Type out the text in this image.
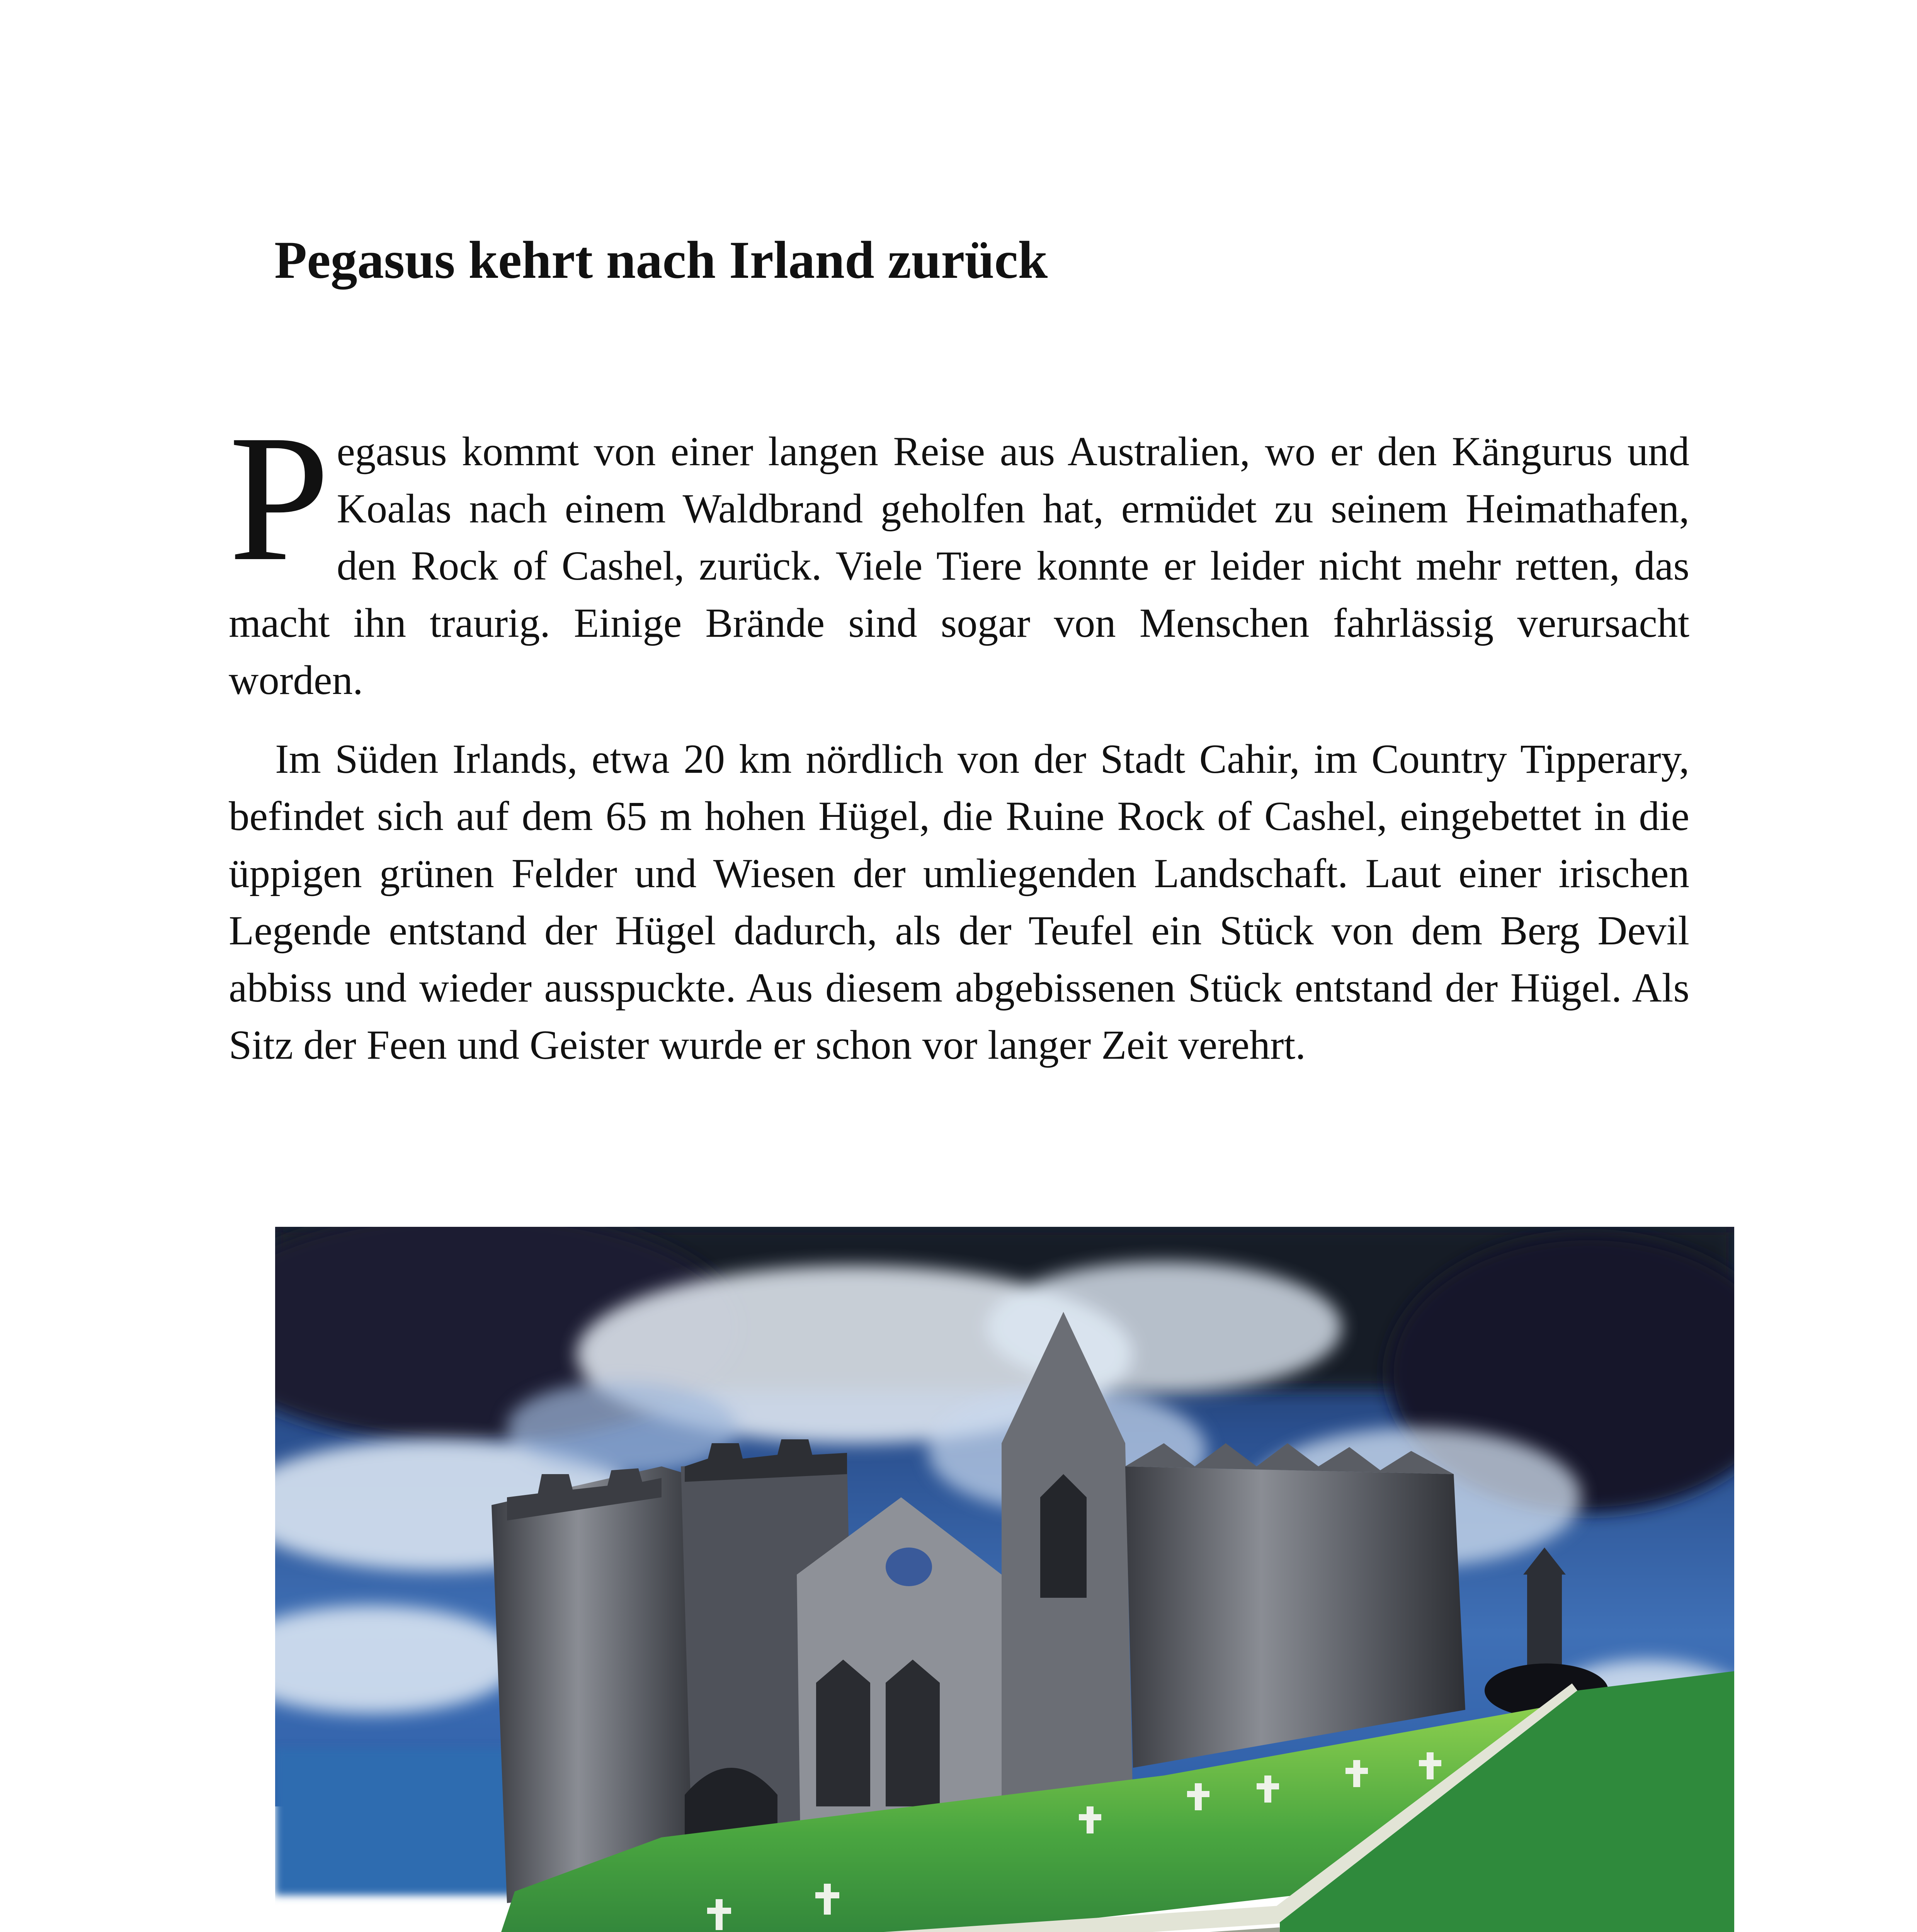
Pegasus kehrt nach Irland zurück

Pegasus kommt von einer langen Reise aus Australien, wo er den Kängurus und Koalas nach einem Waldbrand geholfen hat, ermüdet zu seinem Heimathafen, den Rock of Cashel, zurück. Viele Tiere konnte er leider nicht mehr retten, das macht ihn traurig. Einige Brände sind sogar von Menschen fahrlässig verursacht worden.

Im Süden Irlands, etwa 20 km nördlich von der Stadt Cahir, im Country Tipperary, befindet sich auf dem 65 m hohen Hügel, die Ruine Rock of Cashel, eingebettet in die üppigen grünen Felder und Wiesen der umliegenden Landschaft. Laut einer irischen Legende entstand der Hügel dadurch, als der Teufel ein Stück von dem Berg Devil abbiss und wieder ausspuckte. Aus diesem abgebissenen Stück entstand der Hügel. Als Sitz der Feen und Geister wurde er schon vor langer Zeit verehrt.
